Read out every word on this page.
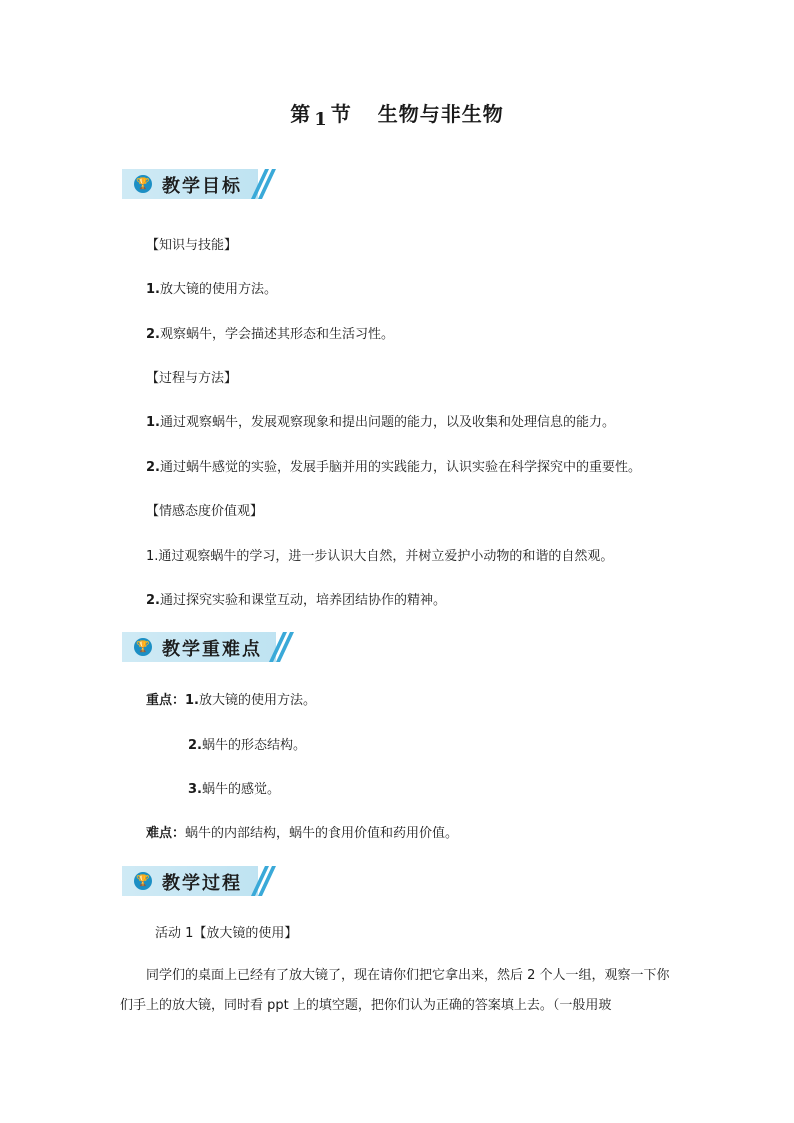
第 1 节 生物与非生物
🏆 教学目标
【知识与技能】
1.放大镜的使用方法。
2.观察蜗牛，学会描述其形态和生活习性。
【过程与方法】
1.通过观察蜗牛，发展观察现象和提出问题的能力，以及收集和处理信息的能力。
2.通过蜗牛感觉的实验，发展手脑并用的实践能力，认识实验在科学探究中的重要性。
【情感态度价值观】
1.通过观察蜗牛的学习，进一步认识大自然，并树立爱护小动物的和谐的自然观。
2.通过探究实验和课堂互动，培养团结协作的精神。
🏆 教学重难点
重点：1.放大镜的使用方法。
2.蜗牛的形态结构。
3.蜗牛的感觉。
难点：蜗牛的内部结构，蜗牛的食用价值和药用价值。
🏆 教学过程
活动 1【放大镜的使用】
同学们的桌面上已经有了放大镜了，现在请你们把它拿出来，然后 2 个人一组，观察一下你们手上的放大镜，同时看 ppt 上的填空题，把你们认为正确的答案填上去。（一般用玻
